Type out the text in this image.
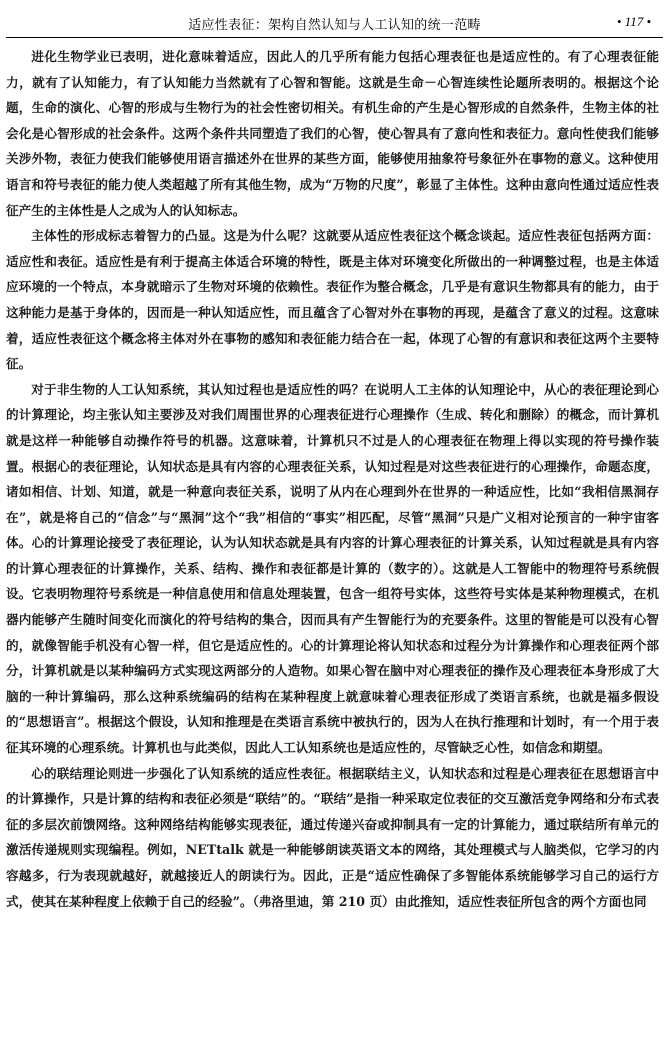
适应性表征：架构自然认知与人工认知的统一范畴	• 117 •

进化生物学业已表明，进化意味着适应，因此人的几乎所有能力包括心理表征也是适应性的。有了心理表征能力，就有了认知能力，有了认知能力当然就有了心智和智能。这就是生命－心智连续性论题所表明的。根据这个论题，生命的演化、心智的形成与生物行为的社会性密切相关。有机生命的产生是心智形成的自然条件，生物主体的社会化是心智形成的社会条件。这两个条件共同塑造了我们的心智，使心智具有了意向性和表征力。意向性使我们能够关涉外物，表征力使我们能够使用语言描述外在世界的某些方面，能够使用抽象符号象征外在事物的意义。这种使用语言和符号表征的能力使人类超越了所有其他生物，成为“万物的尺度”，彰显了主体性。这种由意向性通过适应性表征产生的主体性是人之成为人的认知标志。

主体性的形成标志着智力的凸显。这是为什么呢？这就要从适应性表征这个概念谈起。适应性表征包括两方面：适应性和表征。适应性是有利于提高主体适合环境的特性，既是主体对环境变化所做出的一种调整过程，也是主体适应环境的一个特点，本身就暗示了生物对环境的依赖性。表征作为整合概念，几乎是有意识生物都具有的能力，由于这种能力是基于身体的，因而是一种认知适应性，而且蕴含了心智对外在事物的再现，是蕴含了意义的过程。这意味着，适应性表征这个概念将主体对外在事物的感知和表征能力结合在一起，体现了心智的有意识和表征这两个主要特征。

对于非生物的人工认知系统，其认知过程也是适应性的吗？在说明人工主体的认知理论中，从心的表征理论到心的计算理论，均主张认知主要涉及对我们周围世界的心理表征进行心理操作（生成、转化和删除）的概念，而计算机就是这样一种能够自动操作符号的机器。这意味着，计算机只不过是人的心理表征在物理上得以实现的符号操作装置。根据心的表征理论，认知状态是具有内容的心理表征关系，认知过程是对这些表征进行的心理操作，命题态度，诸如相信、计划、知道，就是一种意向表征关系，说明了从内在心理到外在世界的一种适应性，比如“我相信黑洞存在”，就是将自己的“信念”与“黑洞”这个“我”相信的“事实”相匹配，尽管“黑洞”只是广义相对论预言的一种宇宙客体。心的计算理论接受了表征理论，认为认知状态就是具有内容的计算心理表征的计算关系，认知过程就是具有内容的计算心理表征的计算操作，关系、结构、操作和表征都是计算的（数字的）。这就是人工智能中的物理符号系统假设。它表明物理符号系统是一种信息使用和信息处理装置，包含一组符号实体，这些符号实体是某种物理模式，在机器内能够产生随时间变化而演化的符号结构的集合，因而具有产生智能行为的充要条件。这里的智能是可以没有心智的，就像智能手机没有心智一样，但它是适应性的。心的计算理论将认知状态和过程分为计算操作和心理表征两个部分，计算机就是以某种编码方式实现这两部分的人造物。如果心智在脑中对心理表征的操作及心理表征本身形成了大脑的一种计算编码，那么这种系统编码的结构在某种程度上就意味着心理表征形成了类语言系统，也就是福多假设的“思想语言”。根据这个假设，认知和推理是在类语言系统中被执行的，因为人在执行推理和计划时，有一个用于表征其环境的心理系统。计算机也与此类似，因此人工认知系统也是适应性的，尽管缺乏心性，如信念和期望。

心的联结理论则进一步强化了认知系统的适应性表征。根据联结主义，认知状态和过程是心理表征在思想语言中的计算操作，只是计算的结构和表征必须是“联结”的。“联结”是指一种采取定位表征的交互激活竞争网络和分布式表征的多层次前馈网络。这种网络结构能够实现表征，通过传递兴奋或抑制具有一定的计算能力，通过联结所有单元的激活传递规则实现编程。例如，NETtalk 就是一种能够朗读英语文本的网络，其处理模式与人脑类似，它学习的内容越多，行为表现就越好，就越接近人的朗读行为。因此，正是“适应性确保了多智能体系统能够学习自己的运行方式，使其在某种程度上依赖于自己的经验”。（弗洛里迪，第 210 页）由此推知，适应性表征所包含的两个方面也同
